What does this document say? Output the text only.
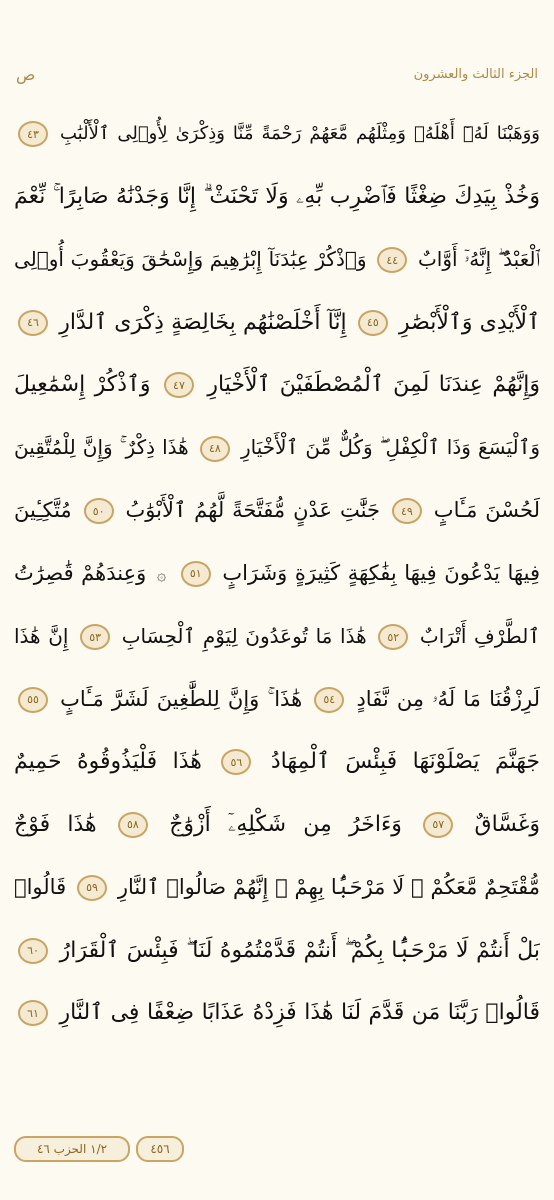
الجزء الثالث والعشرون
ص
وَوَهَبْنَا لَهُۥٓ أَهْلَهُۥ وَمِثْلَهُم مَّعَهُمْ رَحْمَةً مِّنَّا وَذِكْرَىٰ لِأُو۟لِى ٱلْأَلْبَٰبِ ٤٣
وَخُذْ بِيَدِكَ ضِغْثًا فَٱضْرِب بِّهِۦ وَلَا تَحْنَثْ ۗ إِنَّا وَجَدْنَٰهُ صَابِرًا ۚ نِّعْمَ
ٱلْعَبْدُ ۖ إِنَّهُۥٓ أَوَّابٌ ٤٤ وَٱذْكُرْ عِبَٰدَنَآ إِبْرَٰهِيمَ وَإِسْحَٰقَ وَيَعْقُوبَ أُو۟لِى
ٱلْأَيْدِى وَٱلْأَبْصَٰرِ ٤٥ إِنَّآ أَخْلَصْنَٰهُم بِخَالِصَةٍ ذِكْرَى ٱلدَّارِ ٤٦
وَإِنَّهُمْ عِندَنَا لَمِنَ ٱلْمُصْطَفَيْنَ ٱلْأَخْيَارِ ٤٧ وَٱذْكُرْ إِسْمَٰعِيلَ
وَٱلْيَسَعَ وَذَا ٱلْكِفْلِ ۖ وَكُلٌّ مِّنَ ٱلْأَخْيَارِ ٤٨ هَٰذَا ذِكْرٌ ۚ وَإِنَّ لِلْمُتَّقِينَ
لَحُسْنَ مَـَٔابٍ ٤٩ جَنَّٰتِ عَدْنٍ مُّفَتَّحَةً لَّهُمُ ٱلْأَبْوَٰبُ ٥٠ مُتَّكِـِٔينَ
فِيهَا يَدْعُونَ فِيهَا بِفَٰكِهَةٍ كَثِيرَةٍ وَشَرَابٍ ٥١ ۞ وَعِندَهُمْ قَٰصِرَٰتُ
ٱلطَّرْفِ أَتْرَابٌ ٥٢ هَٰذَا مَا تُوعَدُونَ لِيَوْمِ ٱلْحِسَابِ ٥٣ إِنَّ هَٰذَا
لَرِزْقُنَا مَا لَهُۥ مِن نَّفَادٍ ٥٤ هَٰذَا ۚ وَإِنَّ لِلطَّٰغِينَ لَشَرَّ مَـَٔابٍ ٥٥
جَهَنَّمَ يَصْلَوْنَهَا فَبِئْسَ ٱلْمِهَادُ ٥٦ هَٰذَا فَلْيَذُوقُوهُ حَمِيمٌ
وَغَسَّاقٌ ٥٧ وَءَاخَرُ مِن شَكْلِهِۦٓ أَزْوَٰجٌ ٥٨ هَٰذَا فَوْجٌ
مُّقْتَحِمٌ مَّعَكُمْ ۖ لَا مَرْحَبًۢا بِهِمْ ۚ إِنَّهُمْ صَالُوا۟ ٱلنَّارِ ٥٩ قَالُوا۟
بَلْ أَنتُمْ لَا مَرْحَبًۢا بِكُمْ ۖ أَنتُمْ قَدَّمْتُمُوهُ لَنَا ۖ فَبِئْسَ ٱلْقَرَارُ ٦٠
قَالُوا۟ رَبَّنَا مَن قَدَّمَ لَنَا هَٰذَا فَزِدْهُ عَذَابًا ضِعْفًا فِى ٱلنَّارِ ٦١
١/٢ الحزب ٤٦	٤٥٦
